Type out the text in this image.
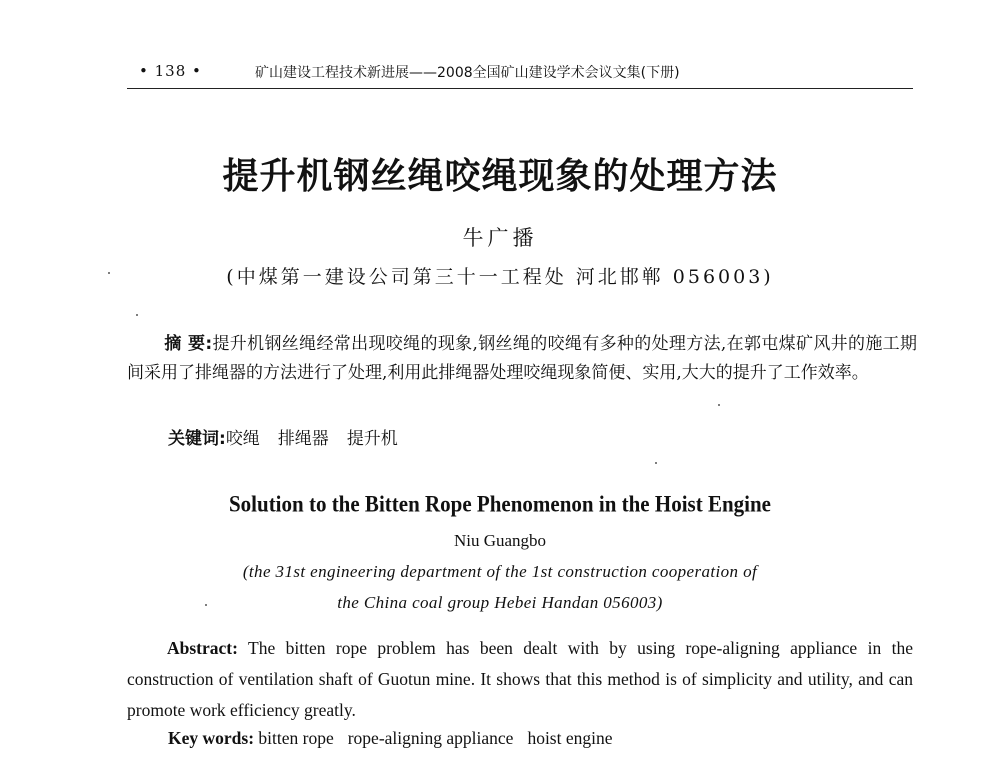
• 138 •	矿山建设工程技术新进展——2008全国矿山建设学术会议文集(下册)
提升机钢丝绳咬绳现象的处理方法
牛广播
(中煤第一建设公司第三十一工程处 河北邯郸 056003)
摘 要:提升机钢丝绳经常出现咬绳的现象,钢丝绳的咬绳有多种的处理方法,在郭屯煤矿风井的施工期间采用了排绳器的方法进行了处理,利用此排绳器处理咬绳现象简便、实用,大大的提升了工作效率。
关键词:咬绳 排绳器 提升机
Solution to the Bitten Rope Phenomenon in the Hoist Engine
Niu Guangbo
(the 31st engineering department of the 1st construction cooperation of
the China coal group Hebei Handan 056003)
Abstract: The bitten rope problem has been dealt with by using rope-aligning appliance in the construction of ventilation shaft of Guotun mine. It shows that this method is of simplicity and utility, and can promote work efficiency greatly.
Key words: bitten rope rope-aligning appliance hoist engine
